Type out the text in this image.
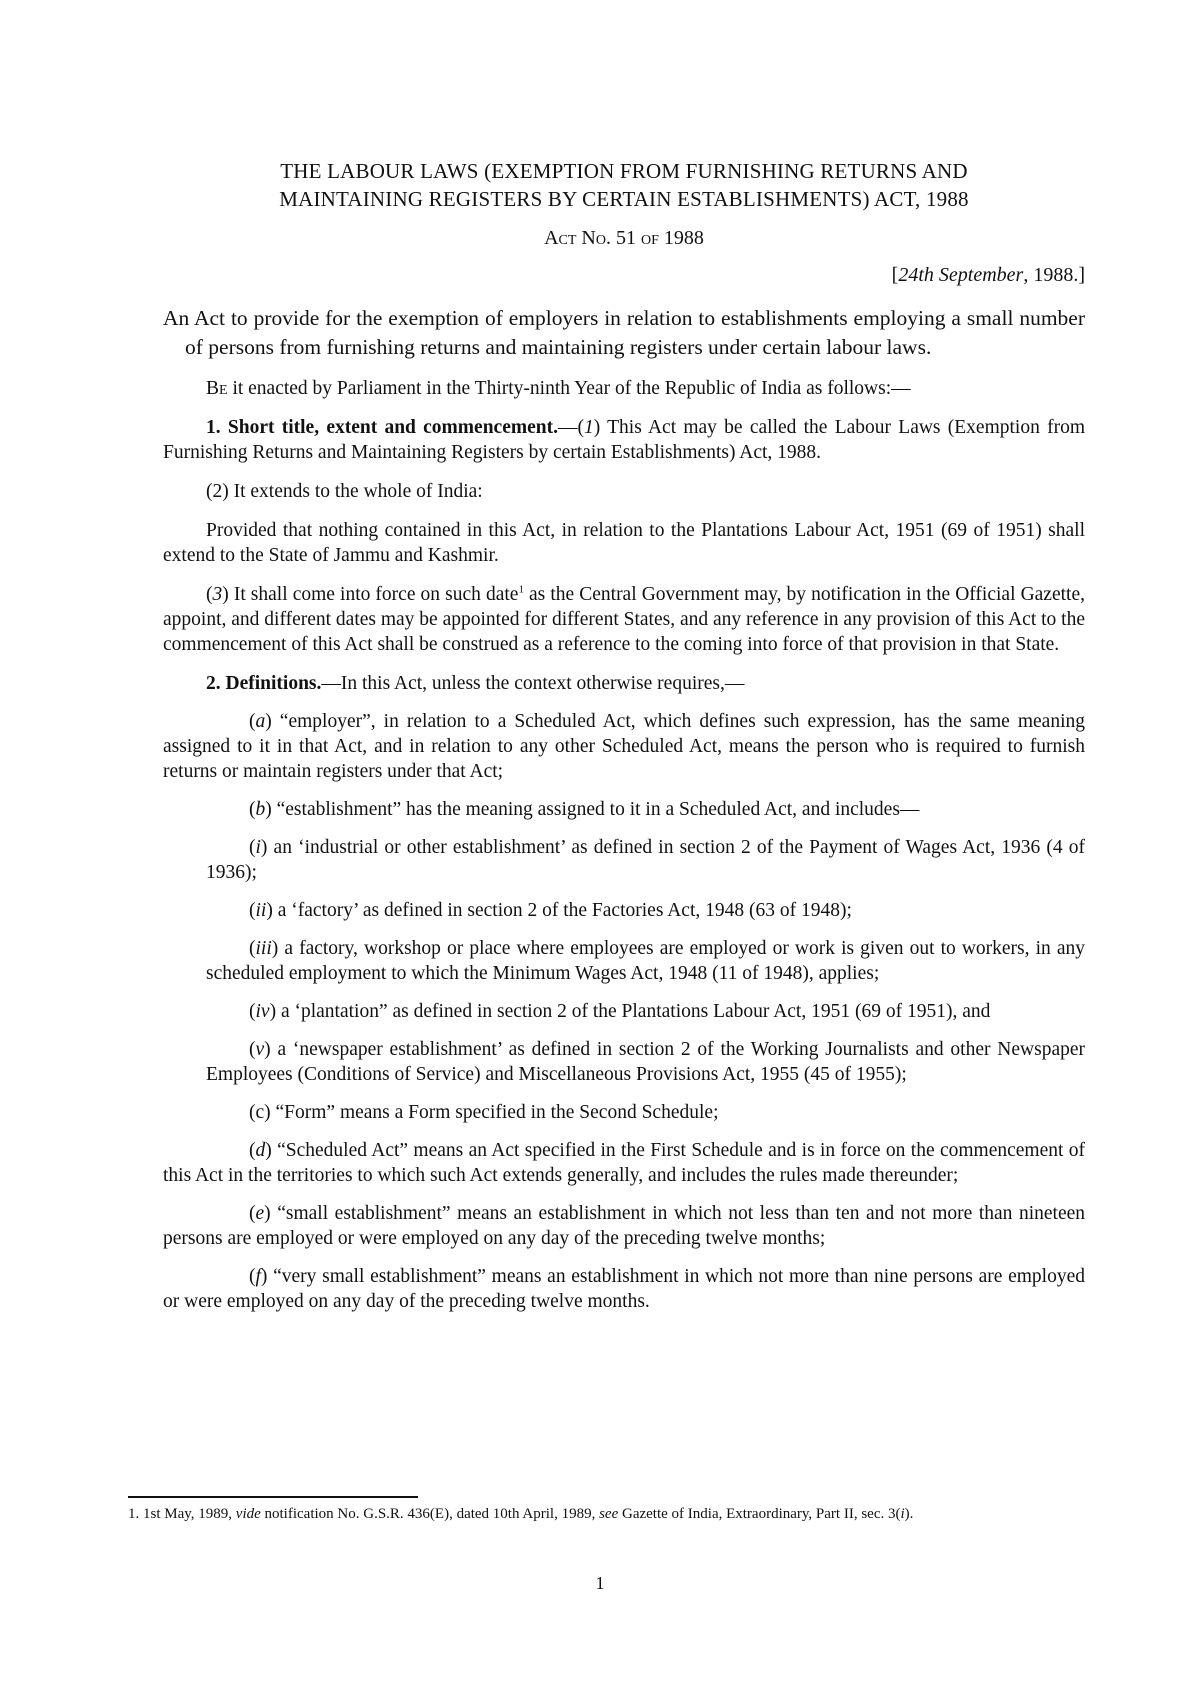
THE LABOUR LAWS (EXEMPTION FROM FURNISHING RETURNS AND
MAINTAINING REGISTERS BY CERTAIN ESTABLISHMENTS) ACT, 1988
Act No. 51 of 1988
[24th September, 1988.]
An Act to provide for the exemption of employers in relation to establishments employing a small number of persons from furnishing returns and maintaining registers under certain labour laws.

Be it enacted by Parliament in the Thirty-ninth Year of the Republic of India as follows:—

1. Short title, extent and commencement.—(1) This Act may be called the Labour Laws (Exemption from Furnishing Returns and Maintaining Registers by certain Establishments) Act, 1988.

(2) It extends to the whole of India:

Provided that nothing contained in this Act, in relation to the Plantations Labour Act, 1951 (69 of 1951) shall extend to the State of Jammu and Kashmir.

(3) It shall come into force on such date$^1$ as the Central Government may, by notification in the Official Gazette, appoint, and different dates may be appointed for different States, and any reference in any provision of this Act to the commencement of this Act shall be construed as a reference to the coming into force of that provision in that State.

2. Definitions.—In this Act, unless the context otherwise requires,—

(a) “employer”, in relation to a Scheduled Act, which defines such expression, has the same meaning assigned to it in that Act, and in relation to any other Scheduled Act, means the person who is required to furnish returns or maintain registers under that Act;

(b) “establishment” has the meaning assigned to it in a Scheduled Act, and includes—

(i) an ‘industrial or other establishment’ as defined in section 2 of the Payment of Wages Act, 1936 (4 of 1936);

(ii) a ‘factory’ as defined in section 2 of the Factories Act, 1948 (63 of 1948);

(iii) a factory, workshop or place where employees are employed or work is given out to workers, in any scheduled employment to which the Minimum Wages Act, 1948 (11 of 1948), applies;

(iv) a ‘plantation” as defined in section 2 of the Plantations Labour Act, 1951 (69 of 1951), and

(v) a ‘newspaper establishment’ as defined in section 2 of the Working Journalists and other Newspaper Employees (Conditions of Service) and Miscellaneous Provisions Act, 1955 (45 of 1955);

(c) “Form” means a Form specified in the Second Schedule;

(d) “Scheduled Act” means an Act specified in the First Schedule and is in force on the commencement of this Act in the territories to which such Act extends generally, and includes the rules made thereunder;

(e) “small establishment” means an establishment in which not less than ten and not more than nineteen persons are employed or were employed on any day of the preceding twelve months;

(f) “very small establishment” means an establishment in which not more than nine persons are employed or were employed on any day of the preceding twelve months.

1. 1st May, 1989, vide notification No. G.S.R. 436(E), dated 10th April, 1989, see Gazette of India, Extraordinary, Part II, sec. 3(i).
1
